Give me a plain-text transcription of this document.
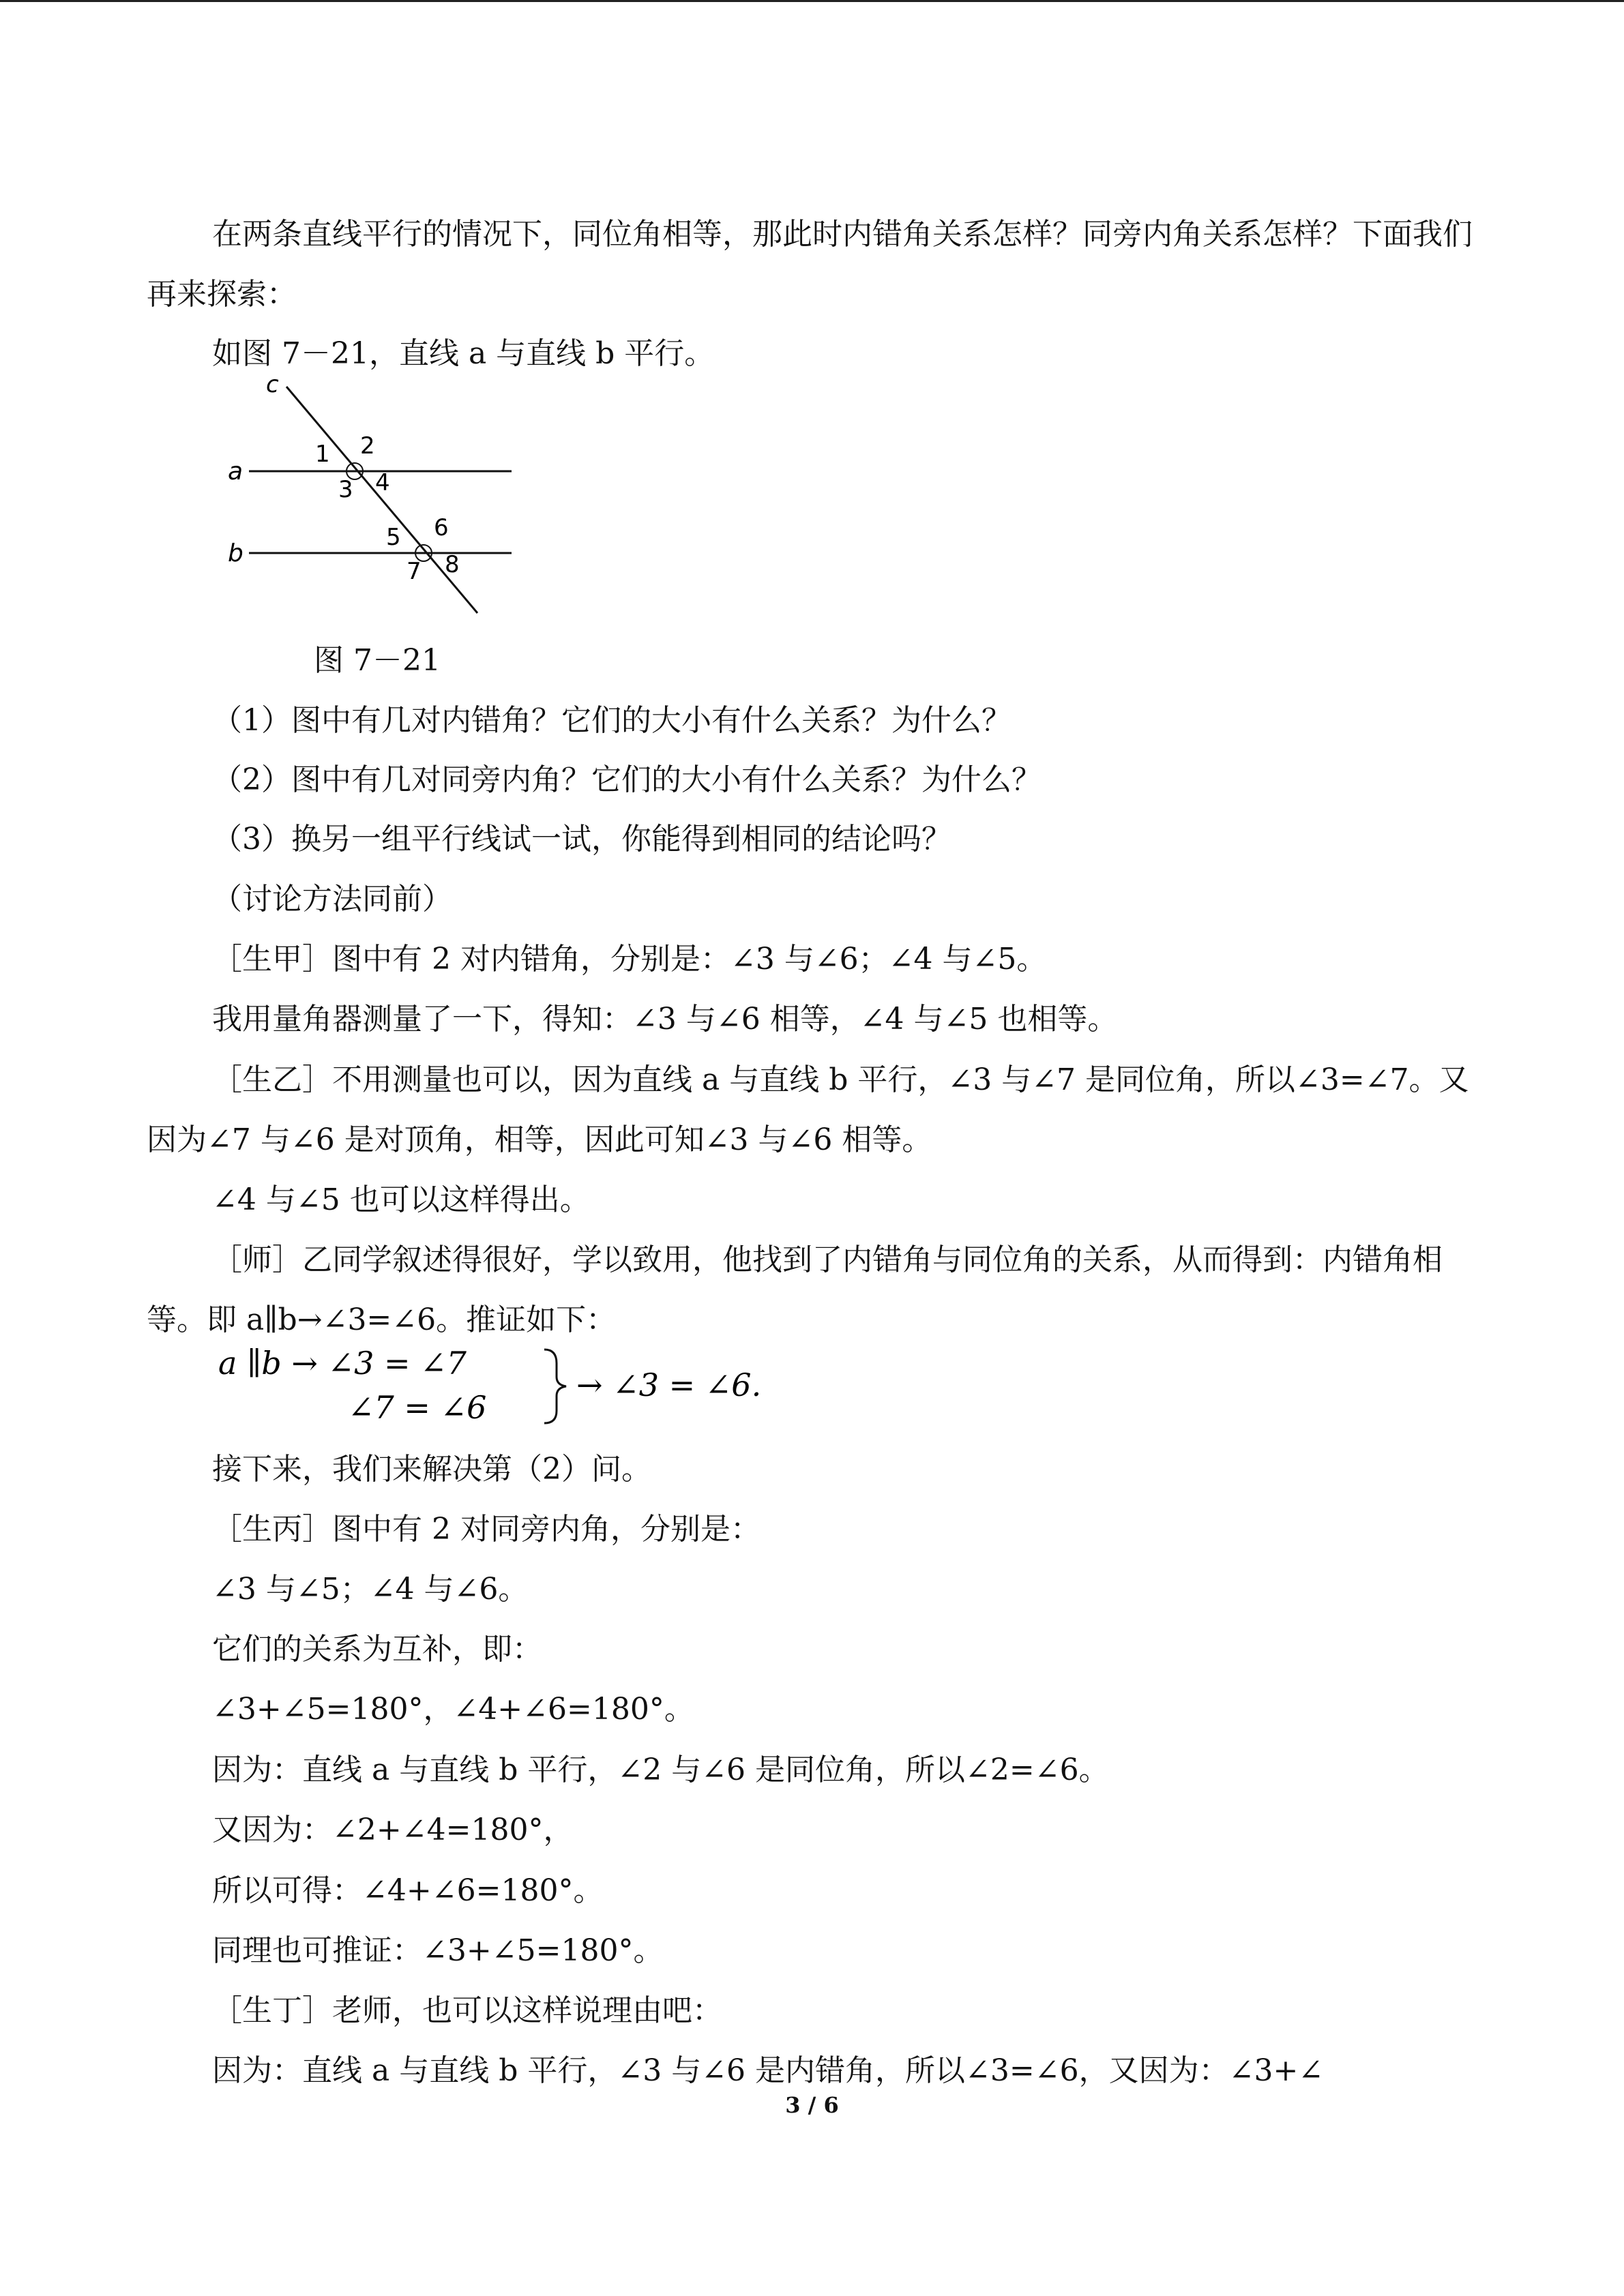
在两条直线平行的情况下，同位角相等，那此时内错角关系怎样？同旁内角关系怎样？下面我们再来探索：

如图 7－21，直线 a 与直线 b 平行。

c
a
b
1 2
3 4
5 6
7 8
图 7－21

（1）图中有几对内错角？它们的大小有什么关系？为什么？

（2）图中有几对同旁内角？它们的大小有什么关系？为什么？

（3）换另一组平行线试一试，你能得到相同的结论吗？

（讨论方法同前）

［生甲］图中有 2 对内错角，分别是：∠3 与∠6；∠4 与∠5。

我用量角器测量了一下，得知：∠3 与∠6 相等，∠4 与∠5 也相等。

［生乙］不用测量也可以，因为直线 a 与直线 b 平行，∠3 与∠7 是同位角，所以∠3=∠7。又因为∠7 与∠6 是对顶角，相等，因此可知∠3 与∠6 相等。

∠4 与∠5 也可以这样得出。

［师］乙同学叙述得很好，学以致用，他找到了内错角与同位角的关系，从而得到：内错角相等。即 a∥b→∠3=∠6。推证如下：

a ∥b → ∠3 = ∠7
∠7 = ∠6
→ ∠3 = ∠6.

接下来，我们来解决第（2）问。

［生丙］图中有 2 对同旁内角，分别是：

∠3 与∠5；∠4 与∠6。

它们的关系为互补，即：

∠3+∠5=180°，∠4+∠6=180°。

因为：直线 a 与直线 b 平行，∠2 与∠6 是同位角，所以∠2=∠6。

又因为：∠2+∠4=180°，

所以可得：∠4+∠6=180°。

同理也可推证：∠3+∠5=180°。

［生丁］老师，也可以这样说理由吧：

因为：直线 a 与直线 b 平行，∠3 与∠6 是内错角，所以∠3=∠6，又因为：∠3+∠

3 / 6
